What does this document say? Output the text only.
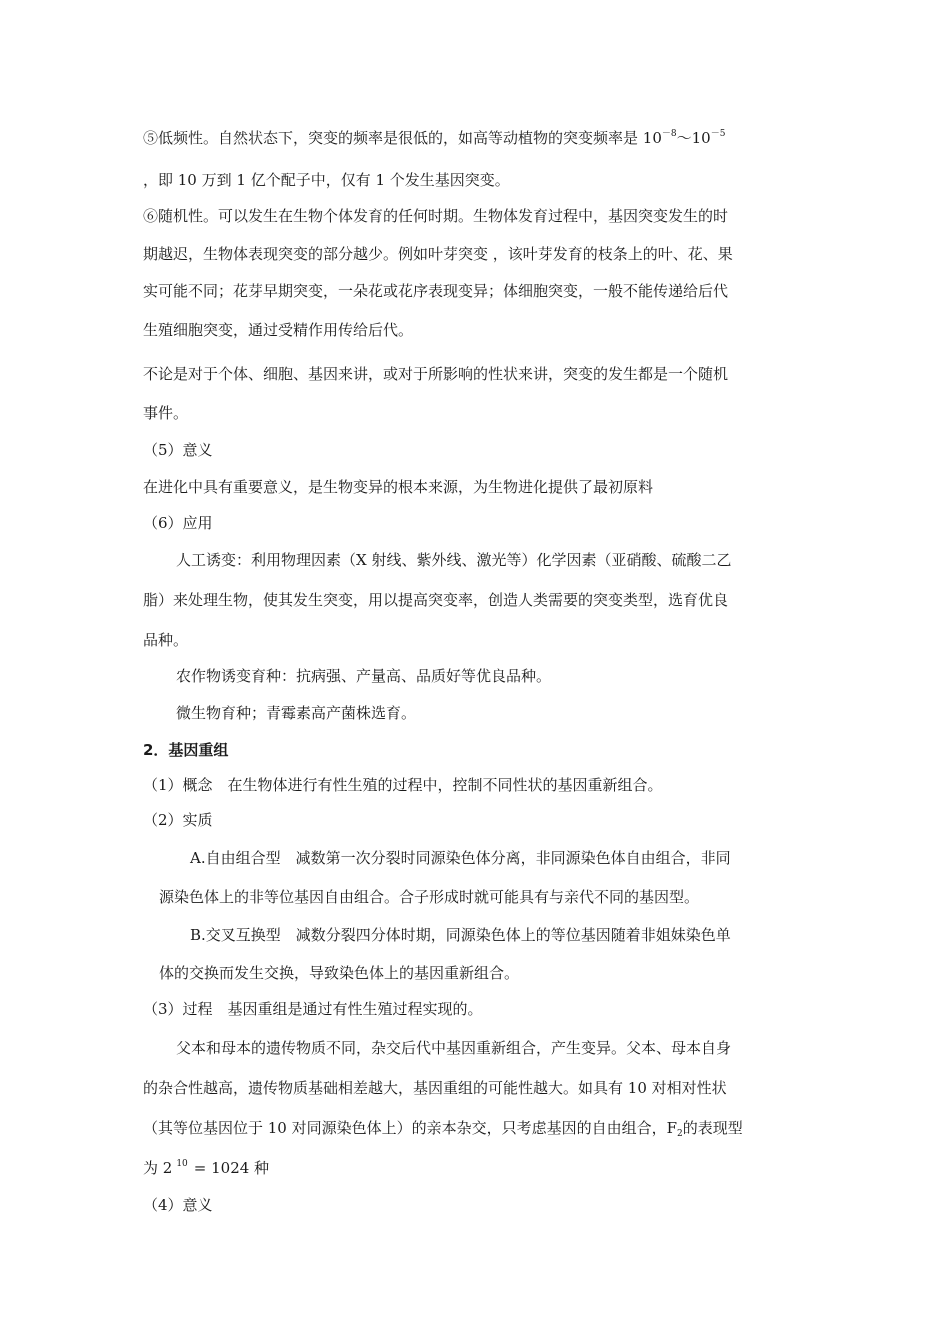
⑤低频性。自然状态下，突变的频率是很低的，如高等动植物的突变频率是 $10^{-8}\sim 10^{-5}$
，即 10 万到 1 亿个配子中，仅有 1 个发生基因突变。
⑥随机性。可以发生在生物个体发育的任何时期。生物体发育过程中，基因突变发生的时
期越迟，生物体表现突变的部分越少。例如叶芽突变 ，该叶芽发育的枝条上的叶、花、果
实可能不同；花芽早期突变，一朵花或花序表现变异；体细胞突变，一般不能传递给后代
生殖细胞突变，通过受精作用传给后代。
不论是对于个体、细胞、基因来讲，或对于所影响的性状来讲，突变的发生都是一个随机
事件。
（5）意义
在进化中具有重要意义，是生物变异的根本来源，为生物进化提供了最初原料
（6）应用
人工诱变：利用物理因素（X 射线、紫外线、激光等）化学因素（亚硝酸、硫酸二乙
脂）来处理生物，使其发生突变，用以提高突变率，创造人类需要的突变类型，选育优良
品种。
农作物诱变育种：抗病强、产量高、品质好等优良品种。
微生物育种；青霉素高产菌株选育。
2．基因重组
（1）概念　在生物体进行有性生殖的过程中，控制不同性状的基因重新组合。
（2）实质
A.自由组合型　减数第一次分裂时同源染色体分离，非同源染色体自由组合，非同
源染色体上的非等位基因自由组合。合子形成时就可能具有与亲代不同的基因型。
B.交叉互换型　减数分裂四分体时期，同源染色体上的等位基因随着非姐妹染色单
体的交换而发生交换，导致染色体上的基因重新组合。
（3）过程　基因重组是通过有性生殖过程实现的。
父本和母本的遗传物质不同，杂交后代中基因重新组合，产生变异。父本、母本自身
的杂合性越高，遗传物质基础相差越大，基因重组的可能性越大。如具有 10 对相对性状
（其等位基因位于 10 对同源染色体上）的亲本杂交，只考虑基因的自由组合，$F_2$的表现型
为 2 $^{10}$ = 1024 种
（4）意义
